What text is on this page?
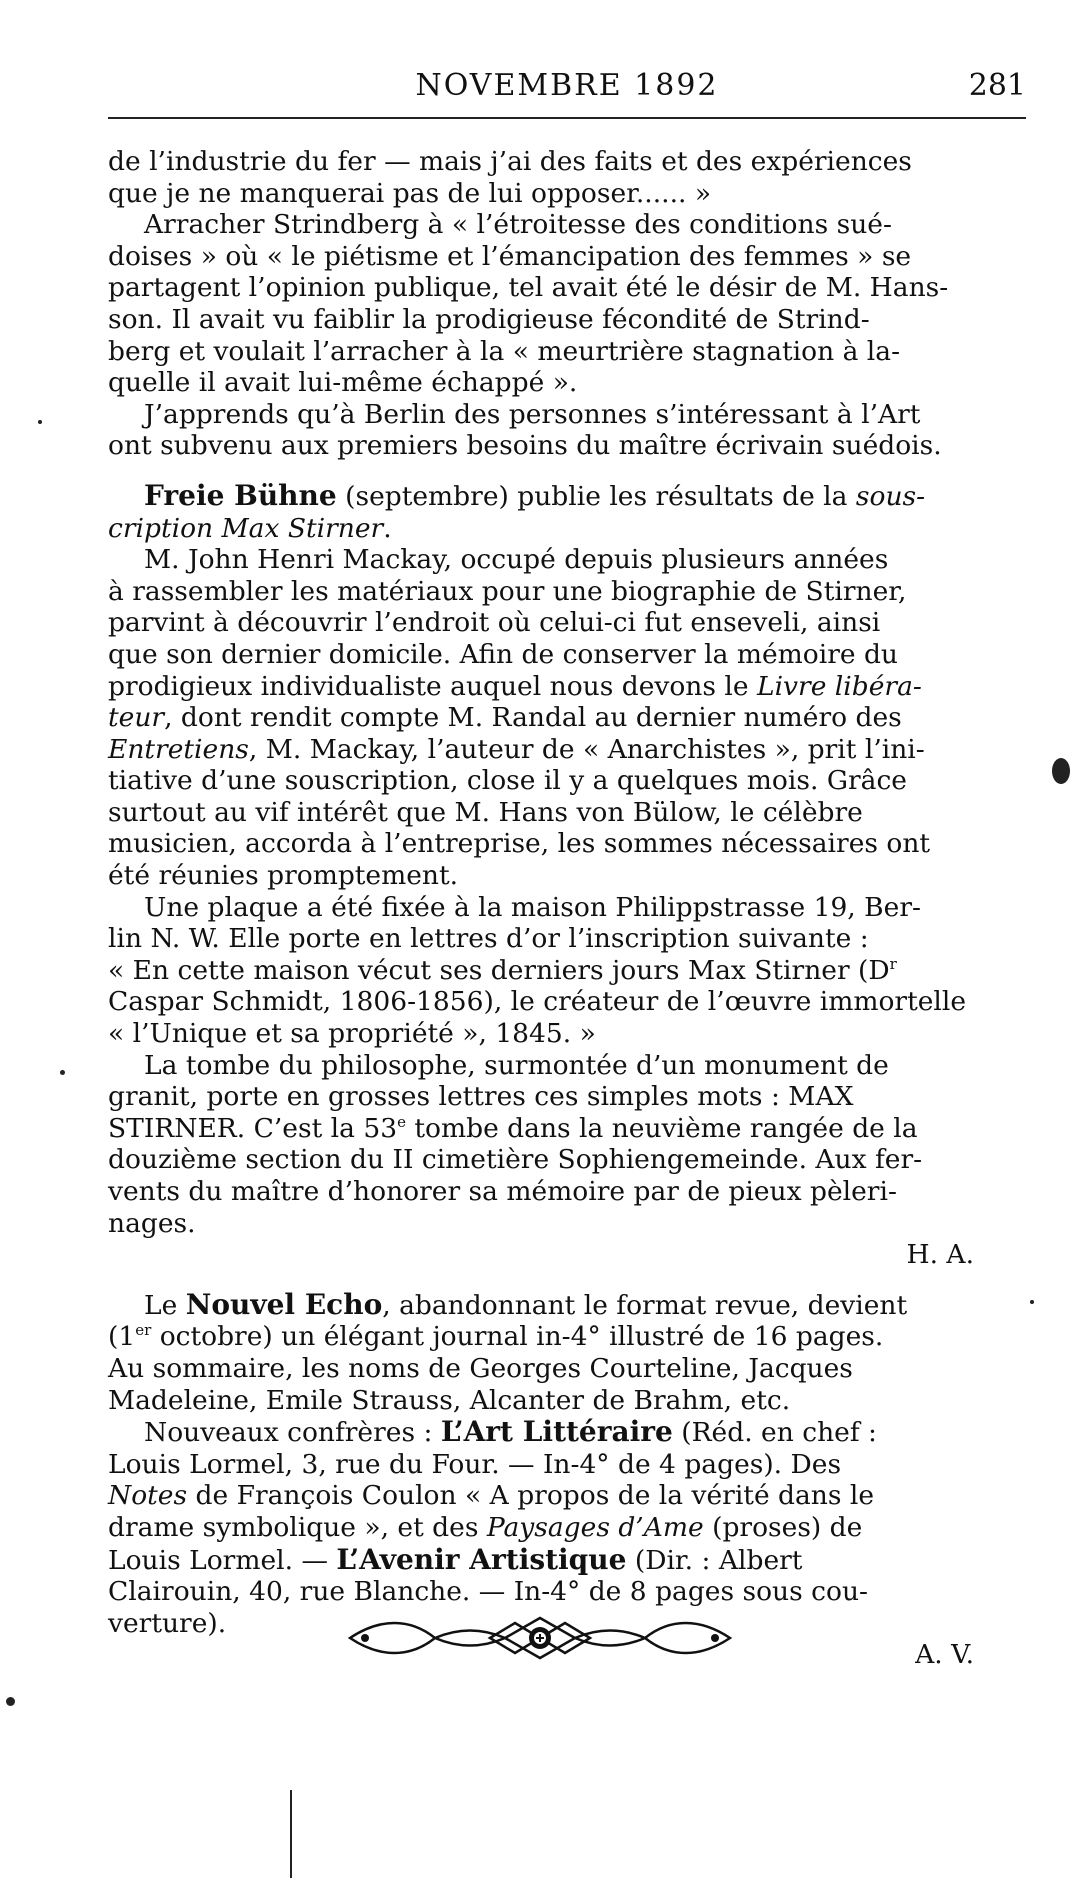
NOVEMBRE 1892	281

de l’industrie du fer — mais j’ai des faits et des expériences

que je ne manquerai pas de lui opposer...... »

Arracher Strindberg à « l’étroitesse des conditions sué-

doises » où « le piétisme et l’émancipation des femmes » se

partagent l’opinion publique, tel avait été le désir de M. Hans-

son. Il avait vu faiblir la prodigieuse fécondité de Strind-

berg et voulait l’arracher à la « meurtrière stagnation à la-

quelle il avait lui-même échappé ».

J’apprends qu’à Berlin des personnes s’intéressant à l’Art

ont subvenu aux premiers besoins du maître écrivain suédois.

Freie Bühne (septembre) publie les résultats de la sous-

cription Max Stirner.

M. John Henri Mackay, occupé depuis plusieurs années

à rassembler les matériaux pour une biographie de Stirner,

parvint à découvrir l’endroit où celui-ci fut enseveli, ainsi

que son dernier domicile. Afin de conserver la mémoire du

prodigieux individualiste auquel nous devons le Livre libéra-

teur, dont rendit compte M. Randal au dernier numéro des

Entretiens, M. Mackay, l’auteur de « Anarchistes », prit l’ini-

tiative d’une souscription, close il y a quelques mois. Grâce

surtout au vif intérêt que M. Hans von Bülow, le célèbre

musicien, accorda à l’entreprise, les sommes nécessaires ont

été réunies promptement.

Une plaque a été fixée à la maison Philippstrasse 19, Ber-

lin N. W. Elle porte en lettres d’or l’inscription suivante :

« En cette maison vécut ses derniers jours Max Stirner ($D^r$

Caspar Schmidt, 1806-1856), le créateur de l’œuvre immortelle

« l’Unique et sa propriété », 1845. »

La tombe du philosophe, surmontée d’un monument de

granit, porte en grosses lettres ces simples mots : MAX

STIRNER. C’est la 53e tombe dans la neuvième rangée de la

douzième section du II cimetière Sophiengemeinde. Aux fer-

vents du maître d’honorer sa mémoire par de pieux pèleri-

nages.

H. A.

Le Nouvel Echo, abandonnant le format revue, devient

(1er octobre) un élégant journal in-4° illustré de 16 pages.

Au sommaire, les noms de Georges Courteline, Jacques

Madeleine, Emile Strauss, Alcanter de Brahm, etc.

Nouveaux confrères : L’Art Littéraire (Réd. en chef :

Louis Lormel, 3, rue du Four. — In-4° de 4 pages). Des

Notes de François Coulon « A propos de la vérité dans le

drame symbolique », et des Paysages d’Ame (proses) de

Louis Lormel. — L’Avenir Artistique (Dir. : Albert

Clairouin, 40, rue Blanche. — In-4° de 8 pages sous cou-

verture).

A. V.
